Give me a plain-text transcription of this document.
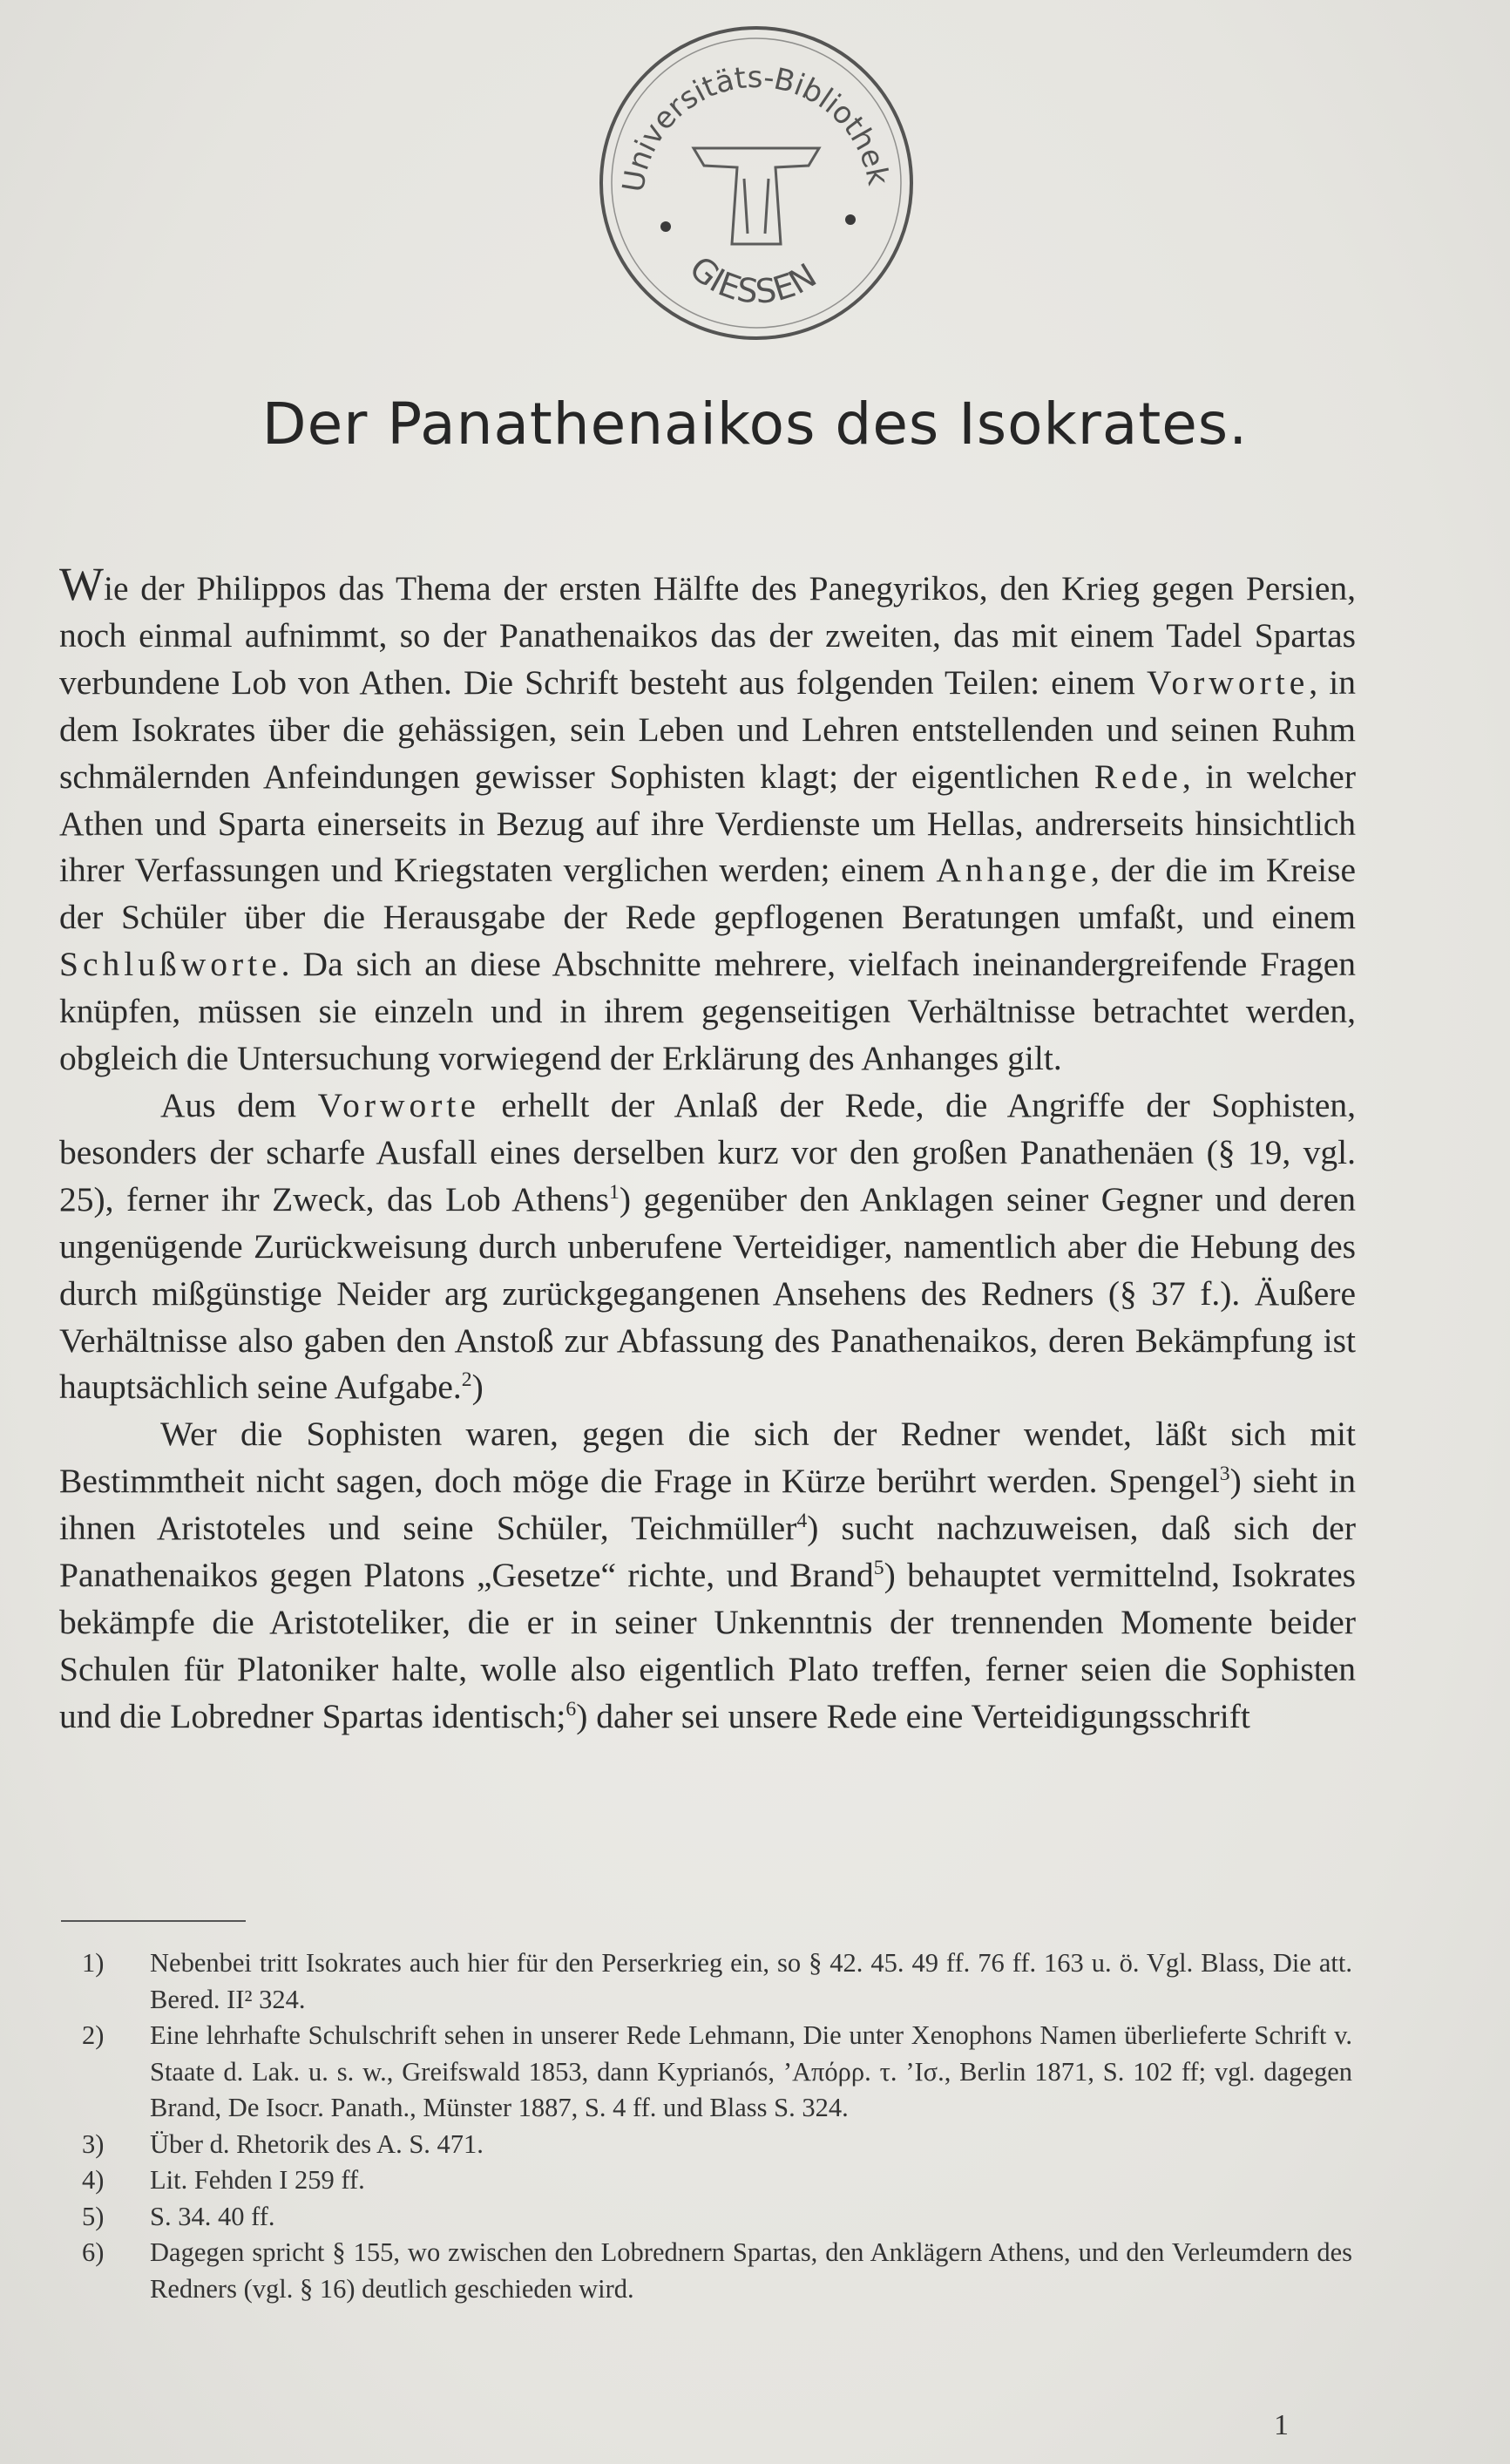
Universitäts-Bibliothek
GIESSEN
Der Panathenaikos des Isokrates.

Wie der Philippos das Thema der ersten Hälfte des Panegyrikos, den Krieg gegen Persien, noch einmal aufnimmt, so der Panathenaikos das der zweiten, das mit einem Tadel Spartas verbundene Lob von Athen. Die Schrift besteht aus folgenden Teilen: einem Vorworte, in dem Isokrates über die gehässigen, sein Leben und Lehren entstellenden und seinen Ruhm schmälernden Anfeindungen gewisser Sophisten klagt; der eigentlichen Rede, in welcher Athen und Sparta einerseits in Bezug auf ihre Verdienste um Hellas, andrerseits hinsichtlich ihrer Verfassungen und Kriegstaten verglichen werden; einem Anhange, der die im Kreise der Schüler über die Herausgabe der Rede gepflogenen Beratungen umfaßt, und einem Schlußworte. Da sich an diese Abschnitte mehrere, vielfach ineinandergreifende Fragen knüpfen, müssen sie einzeln und in ihrem gegenseitigen Verhältnisse betrachtet werden, obgleich die Untersuchung vorwiegend der Erklärung des Anhanges gilt.

Aus dem Vorworte erhellt der Anlaß der Rede, die Angriffe der Sophisten, besonders der scharfe Ausfall eines derselben kurz vor den großen Panathenäen (§ 19, vgl. 25), ferner ihr Zweck, das Lob Athens$^1$) gegenüber den Anklagen seiner Gegner und deren ungenügende Zurückweisung durch unberufene Verteidiger, namentlich aber die Hebung des durch mißgünstige Neider arg zurückgegangenen Ansehens des Redners (§ 37 f.). Äußere Verhältnisse also gaben den Anstoß zur Abfassung des Panathenaikos, deren Bekämpfung ist hauptsächlich seine Aufgabe.$^2$)

Wer die Sophisten waren, gegen die sich der Redner wendet, läßt sich mit Bestimmtheit nicht sagen, doch möge die Frage in Kürze berührt werden. Spengel$^3$) sieht in ihnen Aristoteles und seine Schüler, Teichmüller$^4$) sucht nachzuweisen, daß sich der Panathenaikos gegen Platons „Gesetze“ richte, und Brand$^5$) behauptet vermittelnd, Isokrates bekämpfe die Aristoteliker, die er in seiner Unkenntnis der trennenden Momente beider Schulen für Platoniker halte, wolle also eigentlich Plato treffen, ferner seien die Sophisten und die Lobredner Spartas identisch;$^6$) daher sei unsere Rede eine Verteidigungsschrift

1) Nebenbei tritt Isokrates auch hier für den Perserkrieg ein, so § 42. 45. 49 ff. 76 ff. 163 u. ö. Vgl. Blass, Die att. Bered. II² 324.
2) Eine lehrhafte Schulschrift sehen in unserer Rede Lehmann, Die unter Xenophons Namen überlieferte Schrift v. Staate d. Lak. u. s. w., Greifswald 1853, dann Kyprianós, ’Απόρρ. τ. ’Ισ., Berlin 1871, S. 102 ff; vgl. dagegen Brand, De Isocr. Panath., Münster 1887, S. 4 ff. und Blass S. 324.
3) Über d. Rhetorik des A. S. 471.
4) Lit. Fehden I 259 ff.
5) S. 34. 40 ff.
6) Dagegen spricht § 155, wo zwischen den Lobrednern Spartas, den Anklägern Athens, und den Verleumdern des Redners (vgl. § 16) deutlich geschieden wird.
1
